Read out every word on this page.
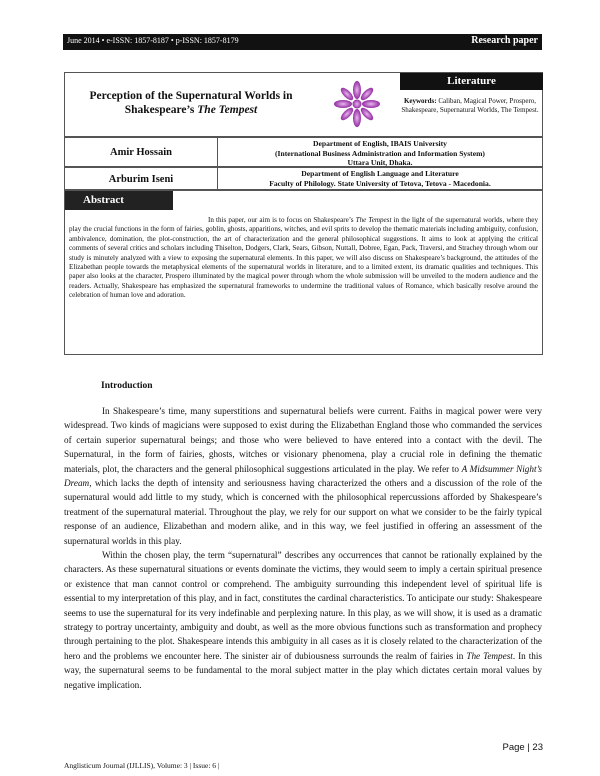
June 2014 • e-ISSN: 1857-8187 • p-ISSN: 1857-8179	Research paper
Perception of the Supernatural Worlds in
Shakespeare’s The Tempest
Literature
Keywords: Caliban, Magical Power, Prospero, Shakespeare, Supernatural Worlds, The Tempest.
Amir Hossain
Department of English, IBAIS University
(International Business Administration and Information System)
Uttara Unit, Dhaka.
Arburim Iseni
Department of English Language and Literature
Faculty of Philology. State University of Tetova, Tetova - Macedonia.
Abstract
In this paper, our aim is to focus on Shakespeare’s The Tempest in the light of the supernatural worlds, where they play the crucial functions in the form of fairies, goblin, ghosts, apparitions, witches, and evil sprits to develop the thematic materials including ambiguity, confusion, ambivalence, domination, the plot-construction, the art of characterization and the general philosophical suggestions. It aims to look at applying the critical comments of several critics and scholars including Thiselton, Dodgers, Clark, Sears, Gibson, Nuttall, Dobree, Egan, Pack, Traversi, and Strachey through whom our study is minutely analyzed with a view to exposing the supernatural elements. In this paper, we will also discuss on Shakespeare’s background, the attitudes of the Elizabethan people towards the metaphysical elements of the supernatural worlds in literature, and to a limited extent, its dramatic qualities and techniques. This paper also looks at the character, Prospero illuminated by the magical power through whom the whole submission will be unveiled to the modern audience and the readers. Actually, Shakespeare has emphasized the supernatural frameworks to undermine the traditional values of Romance, which basically resolve around the celebration of human love and adoration.
Introduction
In Shakespeare’s time, many superstitions and supernatural beliefs were current. Faiths in magical power were very widespread. Two kinds of magicians were supposed to exist during the Elizabethan England those who commanded the services of certain superior supernatural beings; and those who were believed to have entered into a contact with the devil. The Supernatural, in the form of fairies, ghosts, witches or visionary phenomena, play a crucial role in defining the thematic materials, plot, the characters and the general philosophical suggestions articulated in the play. We refer to A Midsummer Night’s Dream, which lacks the depth of intensity and seriousness having characterized the others and a discussion of the role of the supernatural would add little to my study, which is concerned with the philosophical repercussions afforded by Shakespeare’s treatment of the supernatural material. Throughout the play, we rely for our support on what we consider to be the fairly typical response of an audience, Elizabethan and modern alike, and in this way, we feel justified in offering an assessment of the supernatural worlds in this play.
Within the chosen play, the term “supernatural” describes any occurrences that cannot be rationally explained by the characters. As these supernatural situations or events dominate the victims, they would seem to imply a certain spiritual presence or existence that man cannot control or comprehend. The ambiguity surrounding this independent level of spiritual life is essential to my interpretation of this play, and in fact, constitutes the cardinal characteristics. To anticipate our study: Shakespeare seems to use the supernatural for its very indefinable and perplexing nature. In this play, as we will show, it is used as a dramatic strategy to portray uncertainty, ambiguity and doubt, as well as the more obvious functions such as transformation and prophecy through pertaining to the plot. Shakespeare intends this ambiguity in all cases as it is closely related to the characterization of the hero and the problems we encounter here. The sinister air of dubiousness surrounds the realm of fairies in The Tempest. In this way, the supernatural seems to be fundamental to the moral subject matter in the play which dictates certain moral values by negative implication.
Page | 23
Anglisticum Journal (IJLLIS), Volume: 3 | Issue: 6 |
